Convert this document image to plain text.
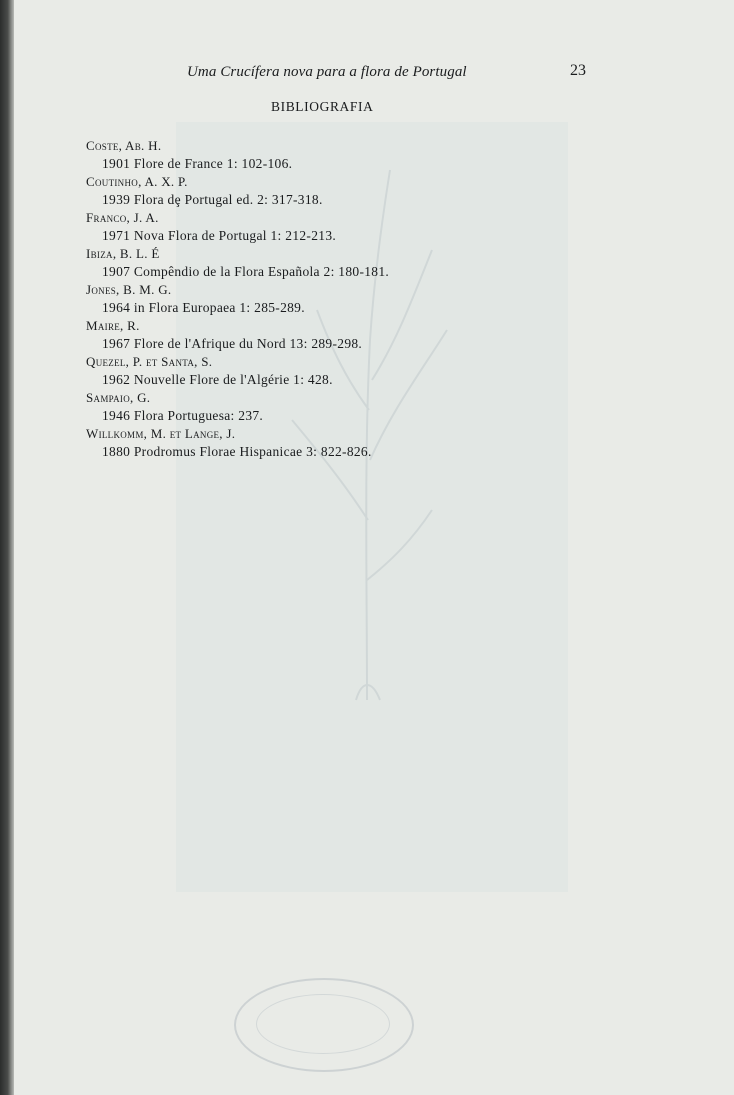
Uma Crucífera nova para a flora de Portugal	23
BIBLIOGRAFIA
Coste, Ab. H.
1901 Flore de France 1: 102-106.
Coutinho, A. X. P.
1939 Flora dȩ Portugal ed. 2: 317-318.
Franco, J. A.
1971 Nova Flora de Portugal 1: 212-213.
Ibiza, B. L. É
1907 Compêndio de la Flora Española 2: 180-181.
Jones, B. M. G.
1964 in Flora Europaea 1: 285-289.
Maire, R.
1967 Flore de l'Afrique du Nord 13: 289-298.
Quezel, P. et Santa, S.
1962 Nouvelle Flore de l'Algérie 1: 428.
Sampaio, G.
1946 Flora Portuguesa: 237.
Willkomm, M. et Lange, J.
1880 Prodromus Florae Hispanicae 3: 822-826.
